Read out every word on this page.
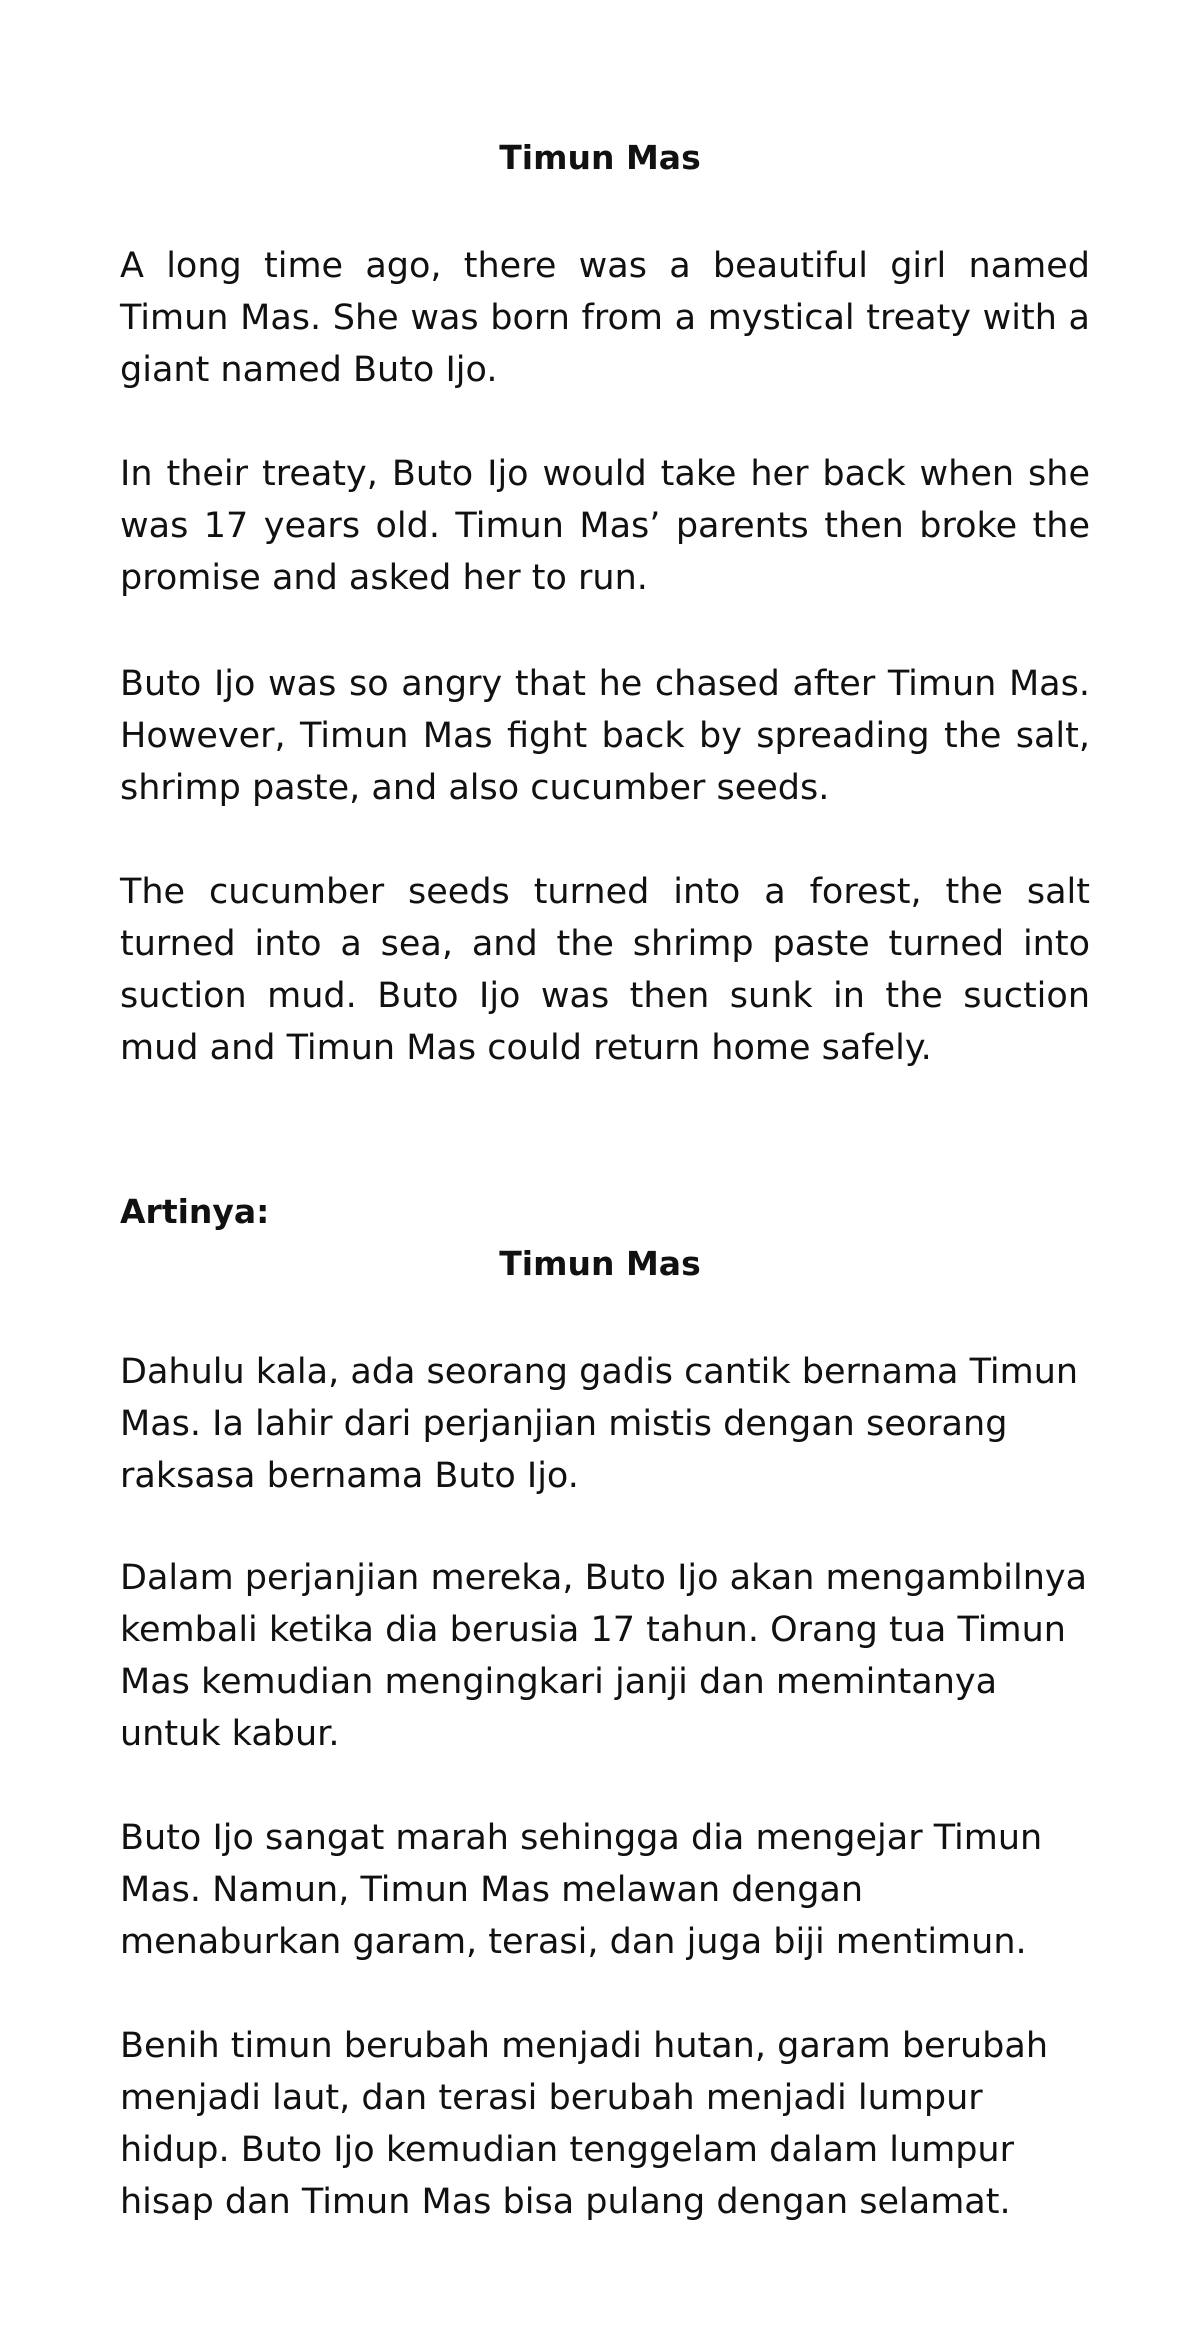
Timun Mas

A long time ago, there was a beautiful girl named Timun Mas. She was born from a mystical treaty with a giant named Buto Ijo.

In their treaty, Buto Ijo would take her back when she was 17 years old. Timun Mas’ parents then broke the promise and asked her to run.

Buto Ijo was so angry that he chased after Timun Mas. However, Timun Mas fight back by spreading the salt, shrimp paste, and also cucumber seeds.

The cucumber seeds turned into a forest, the salt turned into a sea, and the shrimp paste turned into suction mud. Buto Ijo was then sunk in the suction mud and Timun Mas could return home safely.

Artinya:
Timun Mas

Dahulu kala, ada seorang gadis cantik bernama Timun Mas. Ia lahir dari perjanjian mistis dengan seorang raksasa bernama Buto Ijo.

Dalam perjanjian mereka, Buto Ijo akan mengambilnya kembali ketika dia berusia 17 tahun. Orang tua Timun Mas kemudian mengingkari janji dan memintanya untuk kabur.

Buto Ijo sangat marah sehingga dia mengejar Timun Mas. Namun, Timun Mas melawan dengan menaburkan garam, terasi, dan juga biji mentimun.

Benih timun berubah menjadi hutan, garam berubah menjadi laut, dan terasi berubah menjadi lumpur hidup. Buto Ijo kemudian tenggelam dalam lumpur hisap dan Timun Mas bisa pulang dengan selamat.
